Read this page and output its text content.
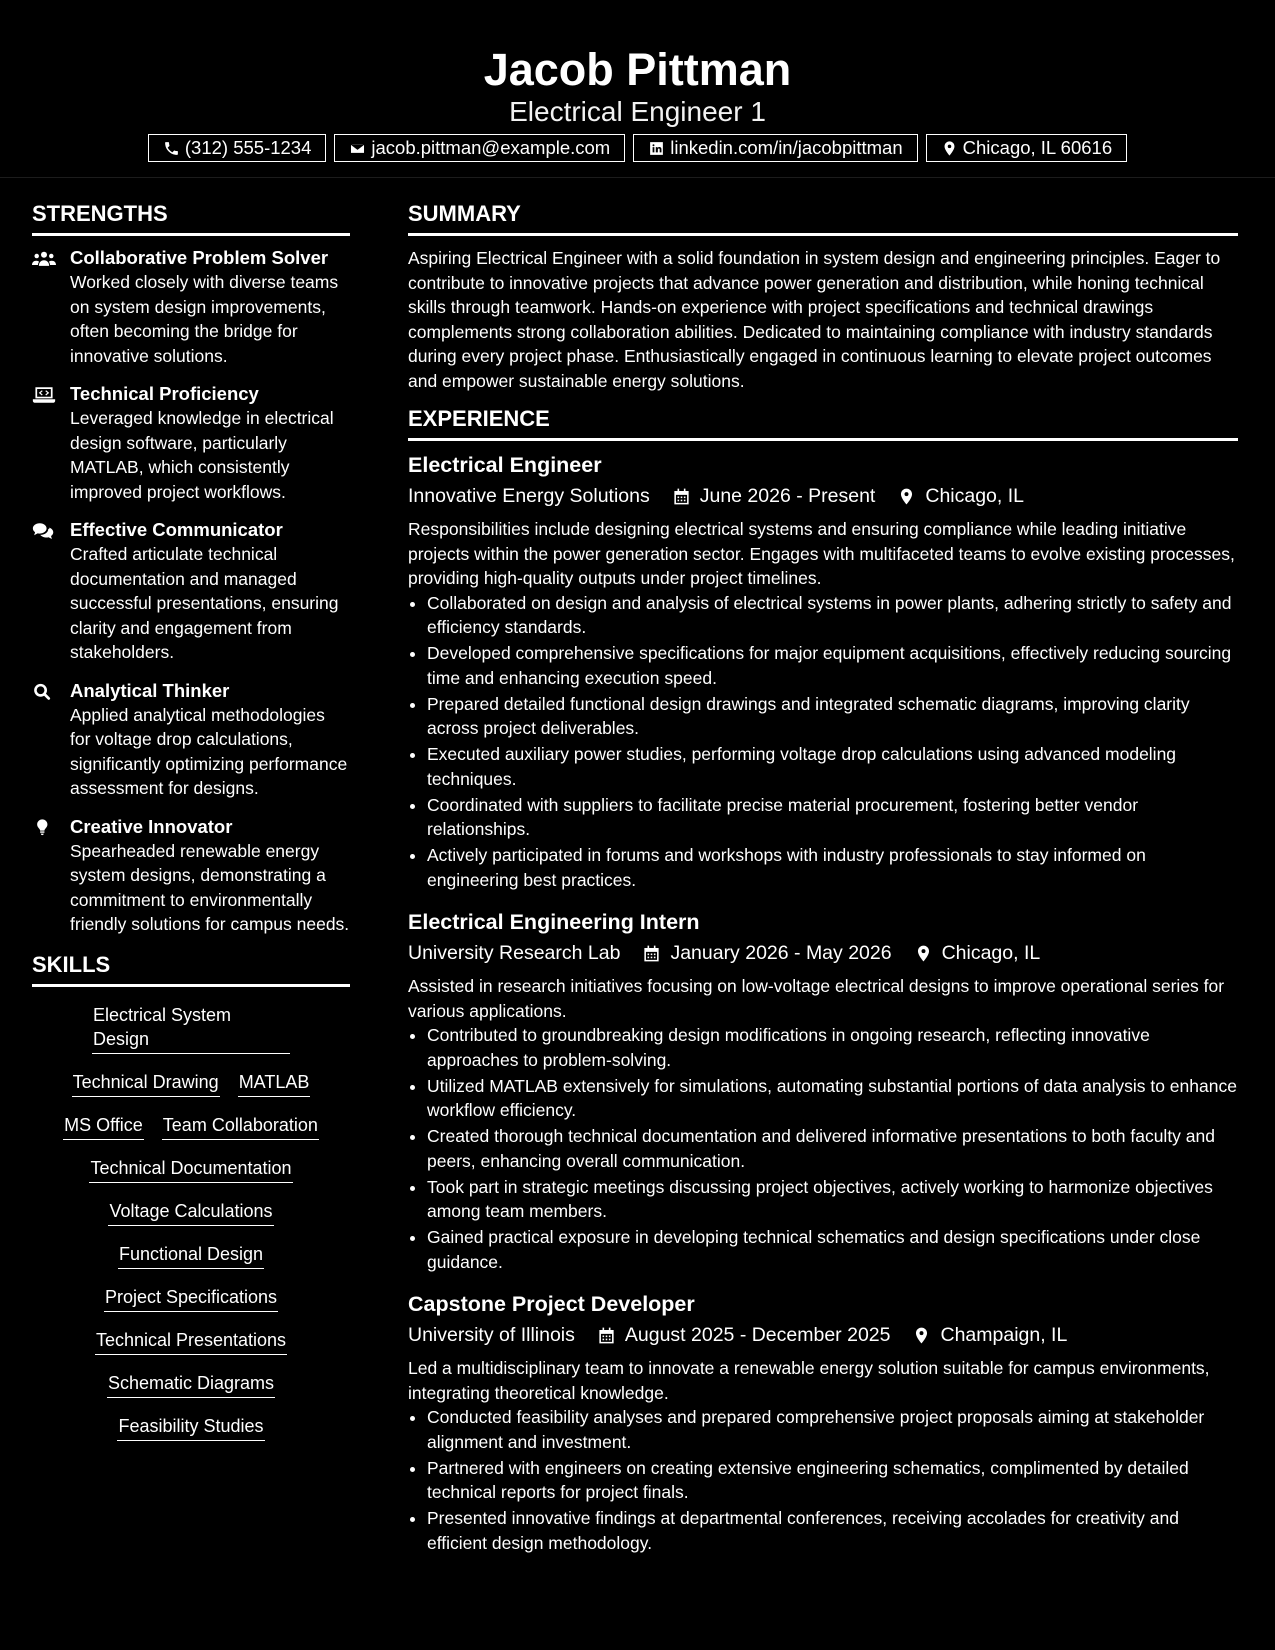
Jacob Pittman
Electrical Engineer 1
(312) 555-1234	jacob.pittman@example.com	linkedin.com/in/jacobpittman	Chicago, IL 60616
STRENGTHS
Collaborative Problem Solver
Worked closely with diverse teams on system design improvements, often becoming the bridge for innovative solutions.
Technical Proficiency
Leveraged knowledge in electrical design software, particularly MATLAB, which consistently improved project workflows.
Effective Communicator
Crafted articulate technical documentation and managed successful presentations, ensuring clarity and engagement from stakeholders.
Analytical Thinker
Applied analytical methodologies for voltage drop calculations, significantly optimizing performance assessment for designs.
Creative Innovator
Spearheaded renewable energy system designs, demonstrating a commitment to environmentally friendly solutions for campus needs.
SKILLS
Electrical System Design
Technical Drawing MATLAB
MS Office Team Collaboration
Technical Documentation
Voltage Calculations
Functional Design
Project Specifications
Technical Presentations
Schematic Diagrams
Feasibility Studies
SUMMARY

Aspiring Electrical Engineer with a solid foundation in system design and engineering principles. Eager to contribute to innovative projects that advance power generation and distribution, while honing technical skills through teamwork. Hands-on experience with project specifications and technical drawings complements strong collaboration abilities. Dedicated to maintaining compliance with industry standards during every project phase. Enthusiastically engaged in continuous learning to elevate project outcomes and empower sustainable energy solutions.

EXPERIENCE
Electrical Engineer
Innovative Energy Solutions	June 2026 - Present	Chicago, IL
Responsibilities include designing electrical systems and ensuring compliance while leading initiative projects within the power generation sector. Engages with multifaceted teams to evolve existing processes, providing high-quality outputs under project timelines.
• Collaborated on design and analysis of electrical systems in power plants, adhering strictly to safety and efficiency standards.
• Developed comprehensive specifications for major equipment acquisitions, effectively reducing sourcing time and enhancing execution speed.
• Prepared detailed functional design drawings and integrated schematic diagrams, improving clarity across project deliverables.
• Executed auxiliary power studies, performing voltage drop calculations using advanced modeling techniques.
• Coordinated with suppliers to facilitate precise material procurement, fostering better vendor relationships.
• Actively participated in forums and workshops with industry professionals to stay informed on engineering best practices.
Electrical Engineering Intern
University Research Lab	January 2026 - May 2026	Chicago, IL
Assisted in research initiatives focusing on low-voltage electrical designs to improve operational series for various applications.
• Contributed to groundbreaking design modifications in ongoing research, reflecting innovative approaches to problem-solving.
• Utilized MATLAB extensively for simulations, automating substantial portions of data analysis to enhance workflow efficiency.
• Created thorough technical documentation and delivered informative presentations to both faculty and peers, enhancing overall communication.
• Took part in strategic meetings discussing project objectives, actively working to harmonize objectives among team members.
• Gained practical exposure in developing technical schematics and design specifications under close guidance.
Capstone Project Developer
University of Illinois	August 2025 - December 2025	Champaign, IL
Led a multidisciplinary team to innovate a renewable energy solution suitable for campus environments, integrating theoretical knowledge.
• Conducted feasibility analyses and prepared comprehensive project proposals aiming at stakeholder alignment and investment.
• Partnered with engineers on creating extensive engineering schematics, complimented by detailed technical reports for project finals.
• Presented innovative findings at departmental conferences, receiving accolades for creativity and efficient design methodology.
